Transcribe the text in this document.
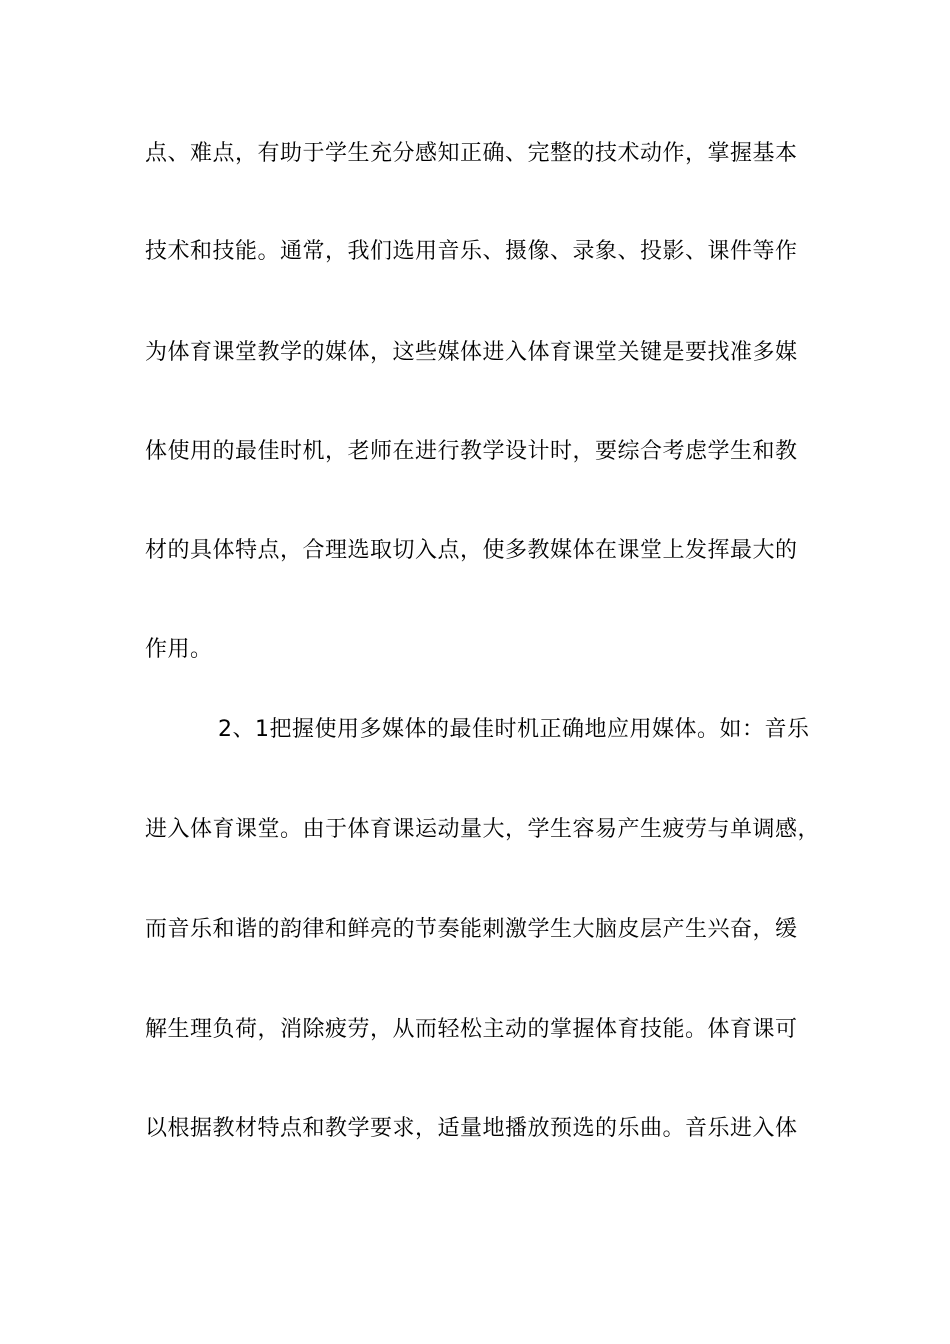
点、难点，有助于学生充分感知正确、完整的技术动作，掌握基本
技术和技能。通常，我们选用音乐、摄像、录象、投影、课件等作
为体育课堂教学的媒体，这些媒体进入体育课堂关键是要找准多媒
体使用的最佳时机，老师在进行教学设计时，要综合考虑学生和教
材的具体特点，合理选取切入点，使多教媒体在课堂上发挥最大的
作用。
2、1把握使用多媒体的最佳时机正确地应用媒体。如：音乐
进入体育课堂。由于体育课运动量大，学生容易产生疲劳与单调感，
而音乐和谐的韵律和鲜亮的节奏能刺激学生大脑皮层产生兴奋，缓
解生理负荷，消除疲劳，从而轻松主动的掌握体育技能。体育课可
以根据教材特点和教学要求，适量地播放预选的乐曲。音乐进入体
